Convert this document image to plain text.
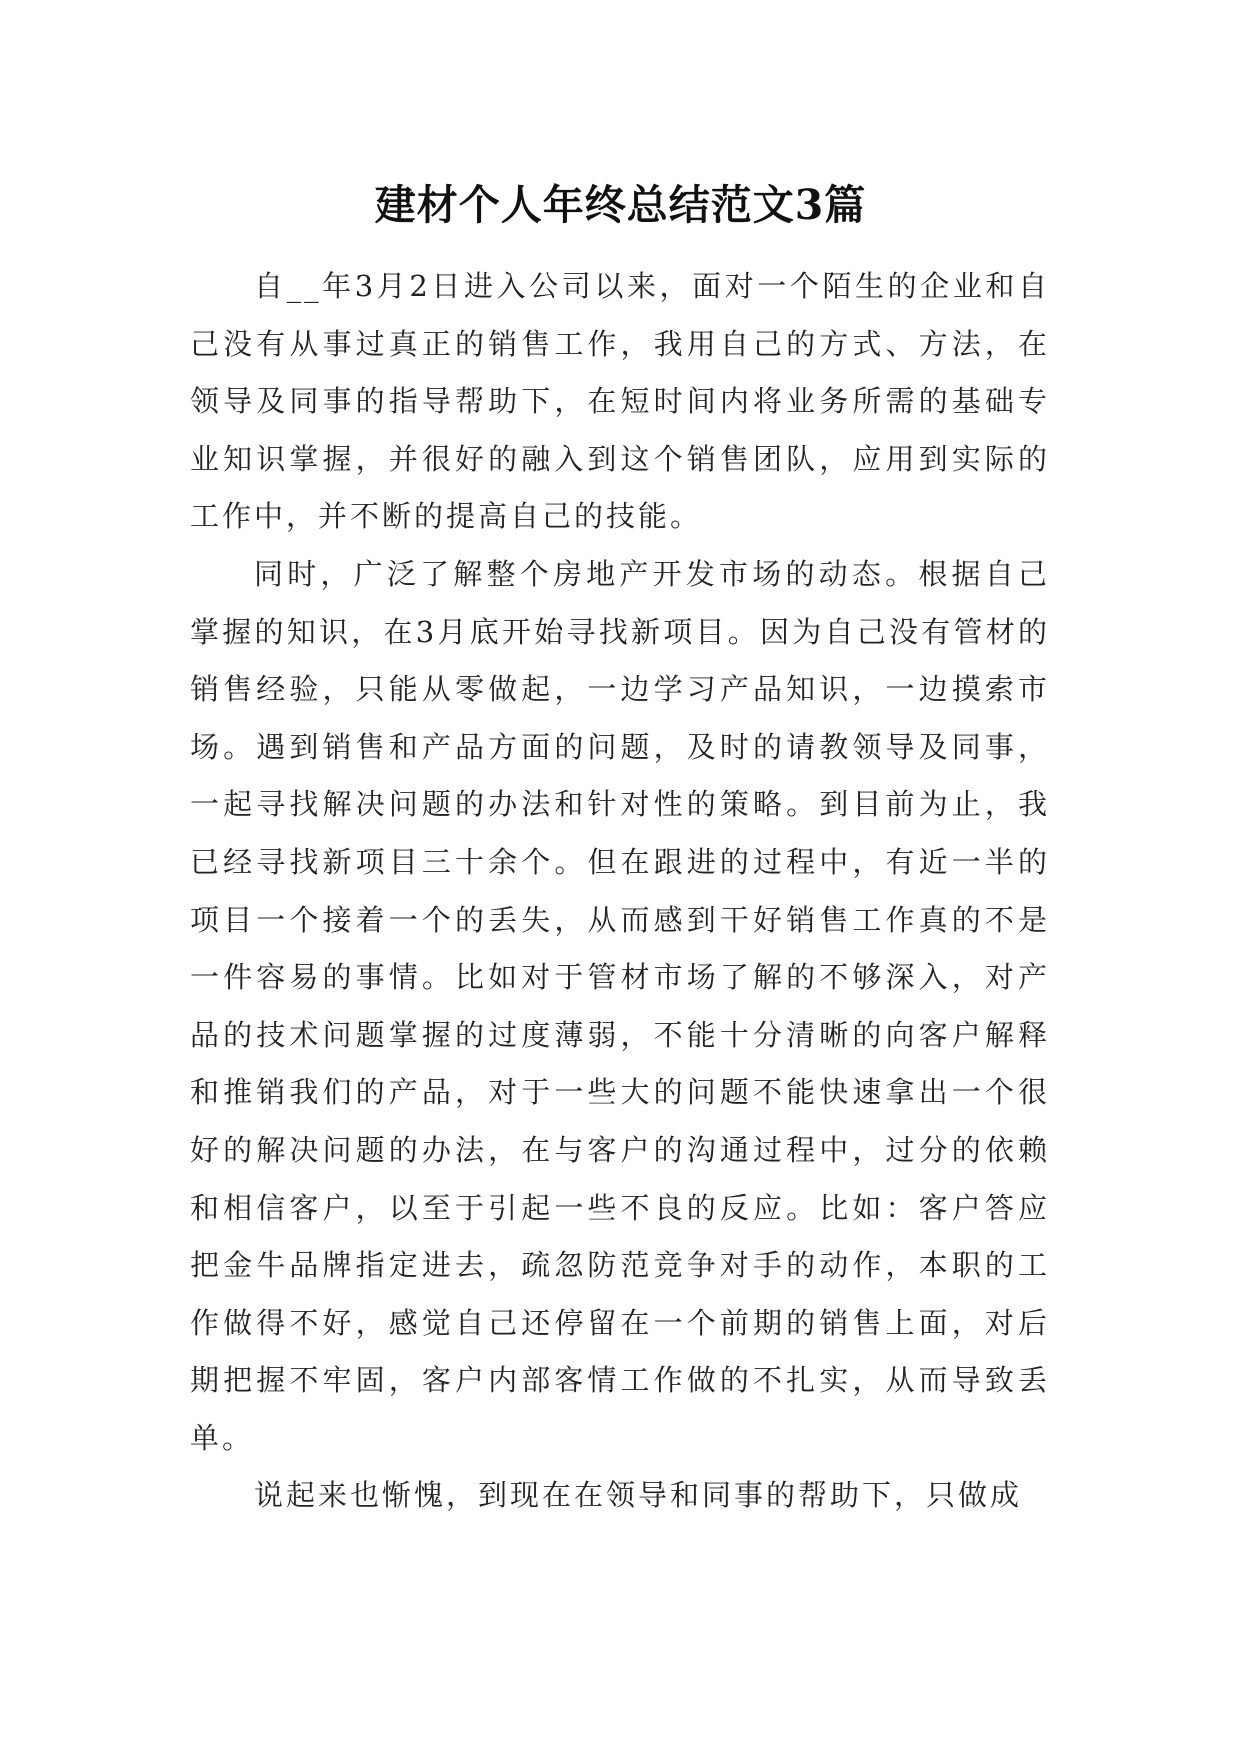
建材个人年终总结范文3篇

自__年3月2日进入公司以来，面对一个陌生的企业和自己没有从事过真正的销售工作，我用自己的方式、方法，在领导及同事的指导帮助下，在短时间内将业务所需的基础专业知识掌握，并很好的融入到这个销售团队，应用到实际的工作中，并不断的提高自己的技能。

同时，广泛了解整个房地产开发市场的动态。根据自己掌握的知识，在3月底开始寻找新项目。因为自己没有管材的销售经验，只能从零做起，一边学习产品知识，一边摸索市场。遇到销售和产品方面的问题，及时的请教领导及同事，一起寻找解决问题的办法和针对性的策略。到目前为止，我已经寻找新项目三十余个。但在跟进的过程中，有近一半的项目一个接着一个的丢失，从而感到干好销售工作真的不是一件容易的事情。比如对于管材市场了解的不够深入，对产品的技术问题掌握的过度薄弱，不能十分清晰的向客户解释和推销我们的产品，对于一些大的问题不能快速拿出一个很好的解决问题的办法，在与客户的沟通过程中，过分的依赖和相信客户，以至于引起一些不良的反应。比如：客户答应把金牛品牌指定进去，疏忽防范竞争对手的动作，本职的工作做得不好，感觉自己还停留在一个前期的销售上面，对后期把握不牢固，客户内部客情工作做的不扎实，从而导致丢单。

说起来也惭愧，到现在在领导和同事的帮助下，只做成
